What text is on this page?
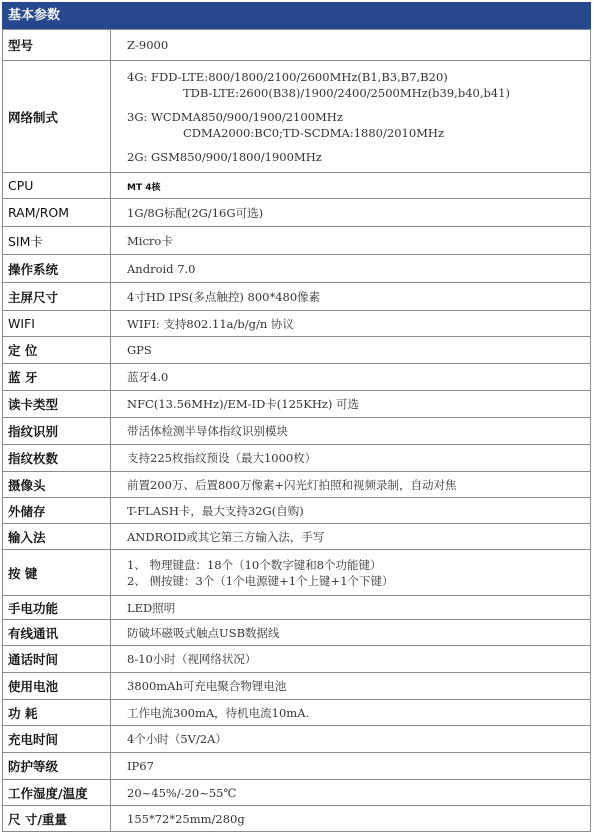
基本参数
型号	Z-9000
网络制式	4G: FDD-LTE:800/1800/2100/2600MHz(B1,B3,B7,B20)
TDB-LTE:2600(B38)/1900/2400/2500MHz(b39,b40,b41)
3G: WCDMA850/900/1900/2100MHz
CDMA2000:BC0;TD-SCDMA:1880/2010MHz
2G: GSM850/900/1800/1900MHz

CPU	MT 4核
RAM/ROM	1G/8G标配(2G/16G可选)
SIM卡	Micro卡
操作系统	Android 7.0
主屏尺寸	4寸HD IPS(多点触控) 800*480像素
WIFI	WIFI: 支持802.11a/b/g/n 协议
定 位	GPS
蓝 牙	蓝牙4.0
读卡类型	NFC(13.56MHz)/EM-ID卡(125KHz) 可选
指纹识别	带活体检测半导体指纹识别模块
指纹枚数	支持225枚指纹预设（最大1000枚）
摄像头	前置200万、后置800万像素+闪光灯拍照和视频录制，自动对焦
外储存	T-FLASH卡，最大支持32G(自购)
输入法	ANDROID或其它第三方输入法，手写
按 键	1、 物理键盘：18个（10个数字键和8个功能键）
2、 侧按键：3个（1个电源键+1个上键+1个下键）

手电功能	LED照明
有线通讯	防破坏磁吸式触点USB数据线
通话时间	8-10小时（视网络状况）
使用电池	3800mAh可充电聚合物锂电池
功 耗	工作电流300mA，待机电流10mA.
充电时间	4个小时（5V/2A）
防护等级	IP67
工作湿度/温度	20~45%/-20~55℃
尺 寸/重量	155*72*25mm/280g
